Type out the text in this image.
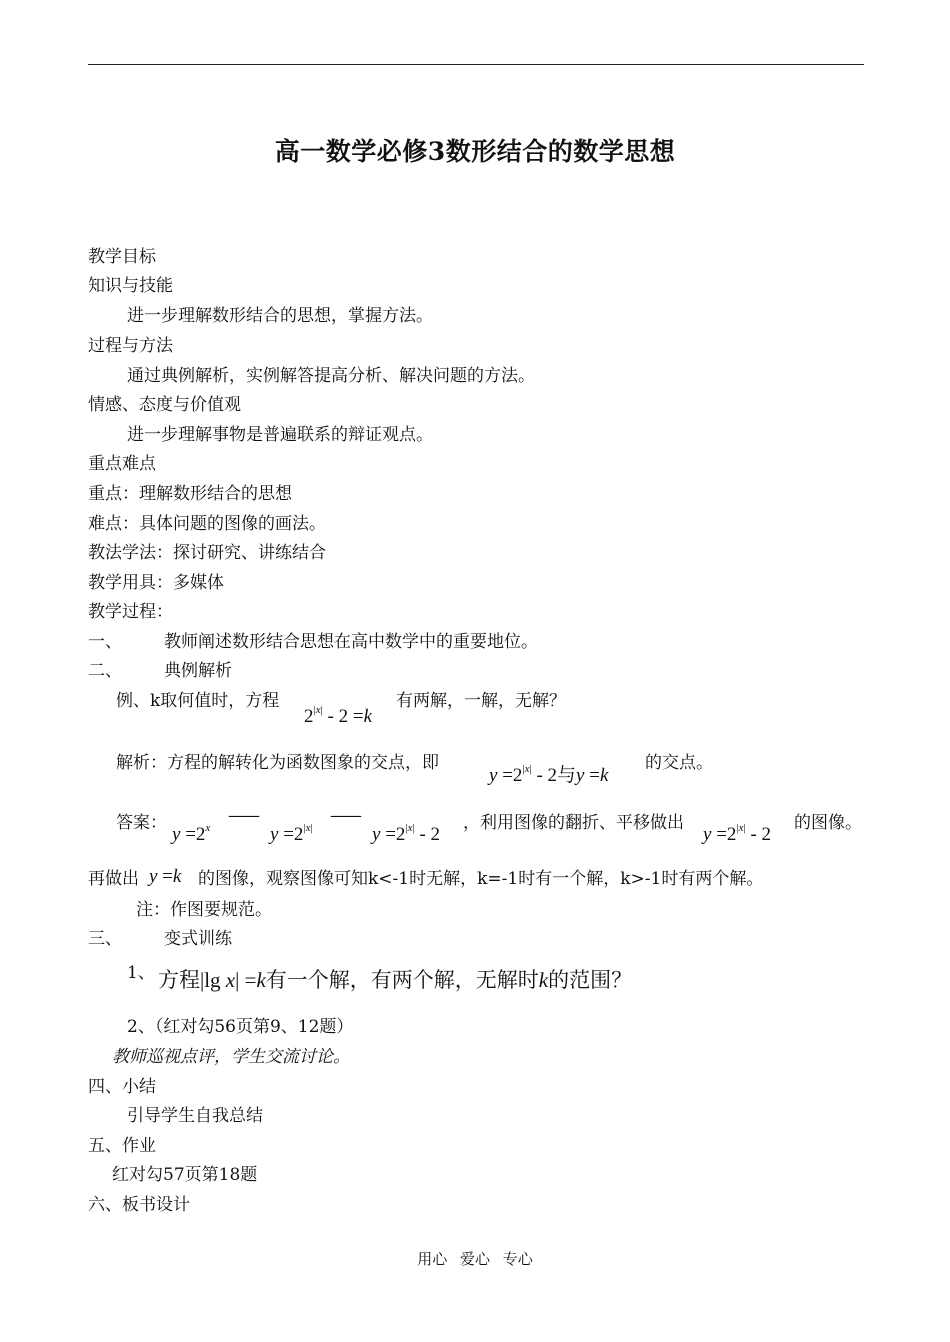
高一数学必修3数形结合的数学思想
教学目标
知识与技能
进一步理解数形结合的思想，掌握方法。
过程与方法
通过典例解析，实例解答提高分析、解决问题的方法。
情感、态度与价值观
进一步理解事物是普遍联系的辩证观点。
重点难点
重点：理解数形结合的思想
难点：具体问题的图像的画法。
教法学法：探讨研究、讲练结合
教学用具：多媒体
教学过程：
一、 教师阐述数形结合思想在高中数学中的重要地位。
二、 典例解析
例、k取何值时，方程
$2^{|x|} - 2 =k$
有两解，一解，无解？
解析：方程的解转化为函数图象的交点，即
$y =2^{|x|} - 2$与y =k
的交点。
答案：
$y =2^x$
——
$y =2^{|x|}$
——
$y =2^{|x|} - 2$
，利用图像的翻折、平移做出
$y =2^{|x|} - 2$
的图像。
再做出 y =k 的图像，观察图像可知k<-1时无解，k=-1时有一个解，k>-1时有两个解。
注：作图要规范。
三、 变式训练
1、 方程|lg x| =k有一个解，有两个解，无解时k的范围？
2、（红对勾56页第9、12题）
教师巡视点评，学生交流讨论。
四、小结
引导学生自我总结
五、作业
红对勾57页第18题
六、板书设计
用心 爱心 专心
